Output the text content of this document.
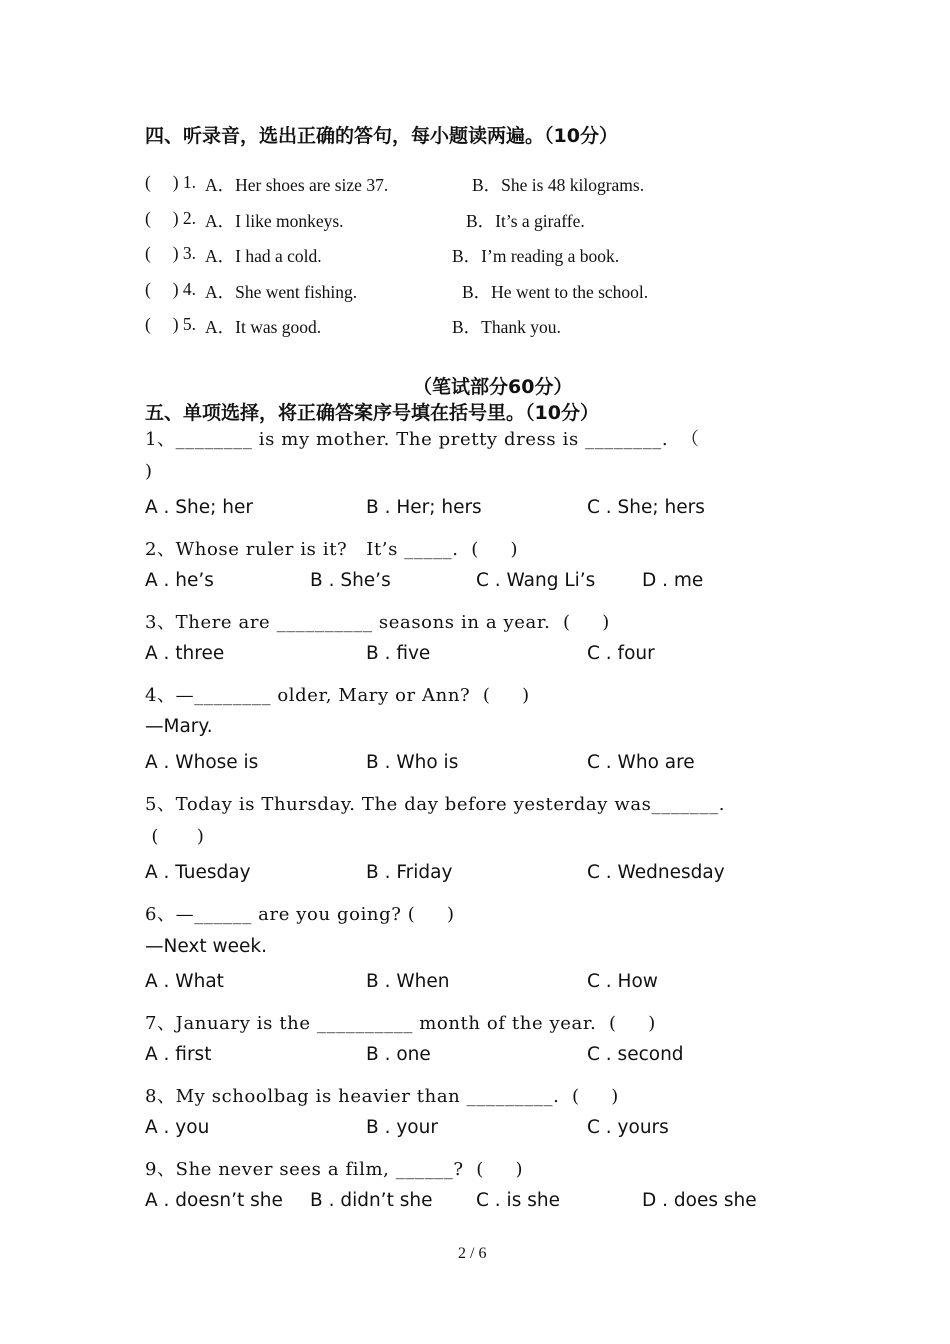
四、听录音，选出正确的答句，每小题读两遍。（10分）
(     ) 1. A．Her shoes are size 37.	B．She is 48 kilograms.
(     ) 2. A．I like monkeys.	B．It’s a giraffe.
(     ) 3. A．I had a cold.	B．I’m reading a book.
(     ) 4. A．She went fishing.	B．He went to the school.
(     ) 5. A．It was good.	B．Thank you.
（笔试部分60分）
五、单项选择，将正确答案序号填在括号里。（10分）
1、________ is my mother. The pretty dress is ________.  （
)
A . She; her	B . Her; hers	C . She; hers
2、Whose ruler is it?   It’s _____.  (     )
A . he’s	B . She’s	C . Wang Li’s	D . me
3、There are __________ seasons in a year.  (     )
A . three	B . five	C . four
4、—________ older, Mary or Ann?  (     )
—Mary.
A . Whose is	B . Who is	C . Who are
5、Today is Thursday. The day before yesterday was_______.
(      )
A . Tuesday	B . Friday	C . Wednesday
6、—______ are you going? (     )
—Next week.
A . What	B . When	C . How
7、January is the __________ month of the year.  (     )
A . first	B . one	C . second
8、My schoolbag is heavier than _________.  (     )
A . you	B . your	C . yours
9、She never sees a film, ______?  (     )
A . doesn’t she B . didn’t she C . is she	D . does she
2 / 6
